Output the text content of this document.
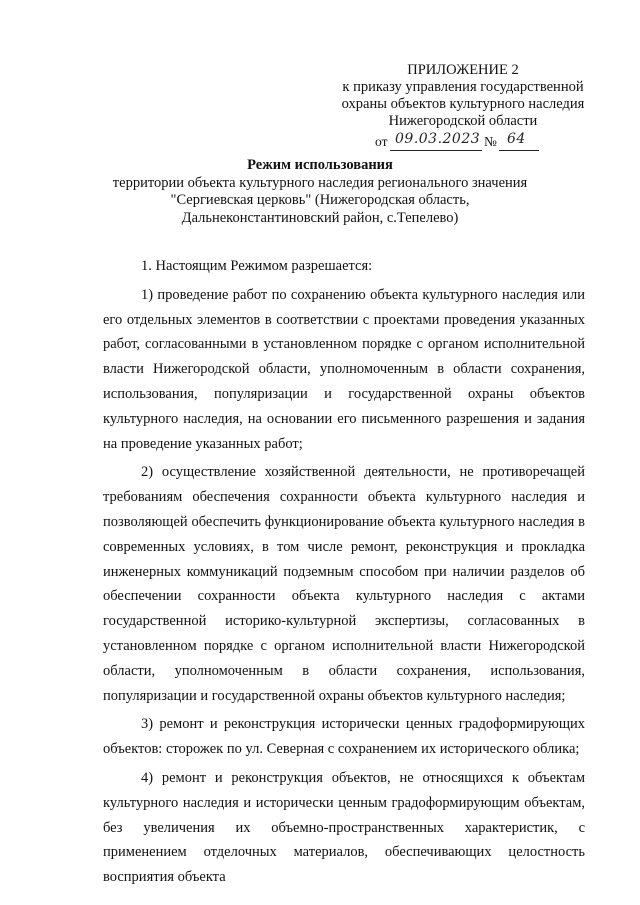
ПРИЛОЖЕНИЕ 2
к приказу управления государственной
охраны объектов культурного наследия
Нижегородской области
от 09.03.2023 № 64
Режим использования
территории объекта культурного наследия регионального значения
"Сергиевская церковь" (Нижегородская область,
Дальнеконстантиновский район, с.Тепелево)

1. Настоящим Режимом разрешается:

1) проведение работ по сохранению объекта культурного наследия или его отдельных элементов в соответствии с проектами проведения указанных работ, согласованными в установленном порядке с органом исполнительной власти Нижегородской области, уполномоченным в области сохранения, использования, популяризации и государственной охраны объектов культурного наследия, на основании его письменного разрешения и задания на проведение указанных работ;

2) осуществление хозяйственной деятельности, не противоречащей требованиям обеспечения сохранности объекта культурного наследия и позволяющей обеспечить функционирование объекта культурного наследия в современных условиях, в том числе ремонт, реконструкция и прокладка инженерных коммуникаций подземным способом при наличии разделов об обеспечении сохранности объекта культурного наследия с актами государственной историко-культурной экспертизы, согласованных в установленном порядке с органом исполнительной власти Нижегородской области, уполномоченным в области сохранения, использования, популяризации и государственной охраны объектов культурного наследия;

3) ремонт и реконструкция исторически ценных градоформирующих объектов: сторожек по ул. Северная с сохранением их исторического облика;

4) ремонт и реконструкция объектов, не относящихся к объектам культурного наследия и исторически ценным градоформирующим объектам, без увеличения их объемно-пространственных характеристик, с применением отделочных материалов, обеспечивающих целостность восприятия объекта
